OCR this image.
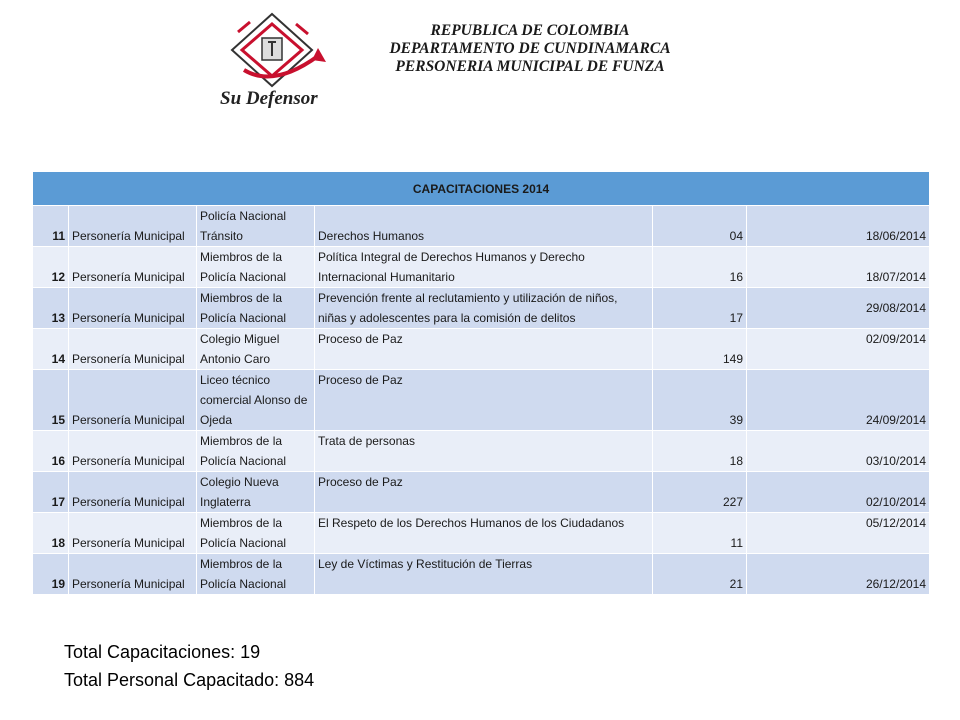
Su Defensor
REPUBLICA DE COLOMBIA
DEPARTAMENTO DE CUNDINAMARCA
PERSONERIA MUNICIPAL DE FUNZA
CAPACITACIONES 2014					
11	Personería Municipal	Policía Nacional Tránsito	Derechos Humanos	04	18/06/2014
12	Personería Municipal	Miembros de la Policía Nacional	Política Integral de Derechos Humanos y Derecho Internacional Humanitario	16	18/07/2014
13	Personería Municipal	Miembros de la Policía Nacional	Prevención frente al reclutamiento y utilización de niños, niñas y adolescentes para la comisión de delitos	17	29/08/2014
14	Personería Municipal	Colegio Miguel Antonio Caro	Proceso de Paz	149	02/09/2014
15	Personería Municipal	Liceo técnico comercial Alonso de Ojeda	Proceso de Paz	39	24/09/2014
16	Personería Municipal	Miembros de la Policía Nacional	Trata de personas	18	03/10/2014
17	Personería Municipal	Colegio Nueva Inglaterra	Proceso de Paz	227	02/10/2014
18	Personería Municipal	Miembros de la Policía Nacional	El Respeto de los Derechos Humanos de los Ciudadanos	11	05/12/2014
19	Personería Municipal	Miembros de la Policía Nacional	Ley de Víctimas y Restitución de Tierras	21	26/12/2014
Total Capacitaciones: 19
Total Personal Capacitado: 884
